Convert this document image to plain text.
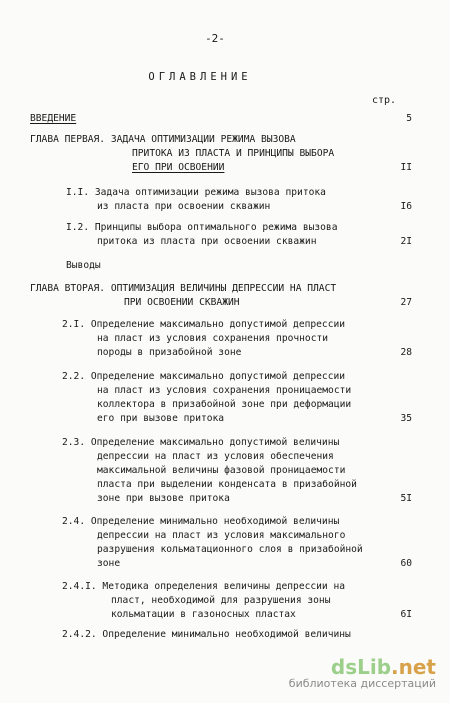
-2-
ОГЛАВЛЕНИЕ
стр.
ВВЕДЕНИЕ	5
ГЛАВА ПЕРВАЯ. ЗАДАЧА ОПТИМИЗАЦИИ РЕЖИМА ВЫЗОВА
ПРИТОКА ИЗ ПЛАСТА И ПРИНЦИПЫ ВЫБОРА
ЕГО ПРИ ОСВОЕНИИ	II
I.I. Задача оптимизации режима вызова притока
из пласта при освоении скважин	I6
I.2. Принципы выбора оптимального режима вызова
притока из пласта при освоении скважин	2I
Выводы
ГЛАВА ВТОРАЯ. ОПТИМИЗАЦИЯ ВЕЛИЧИНЫ ДЕПРЕССИИ НА ПЛАСТ
ПРИ ОСВОЕНИИ СКВАЖИН	27
2.I. Определение максимально допустимой депрессии
на пласт из условия сохранения прочности
породы в призабойной зоне	28
2.2. Определение максимально допустимой депрессии
на пласт из условия сохранения проницаемости
коллектора в призабойной зоне при деформации
его при вызове притока	35
2.3. Определение максимально допустимой величины
депрессии на пласт из условия обеспечения
максимальной величины фазовой проницаемости
пласта при выделении конденсата в призабойной
зоне при вызове притока	5I
2.4. Определение минимально необходимой величины
депрессии на пласт из условия максимального
разрушения кольматационного слоя в призабойной
зоне	60
2.4.I. Методика определения величины депрессии на
пласт, необходимой для разрушения зоны
кольматации в газоносных пластах	6I
2.4.2. Определение минимально необходимой величины
dsLib.net
библиотека диссертаций
